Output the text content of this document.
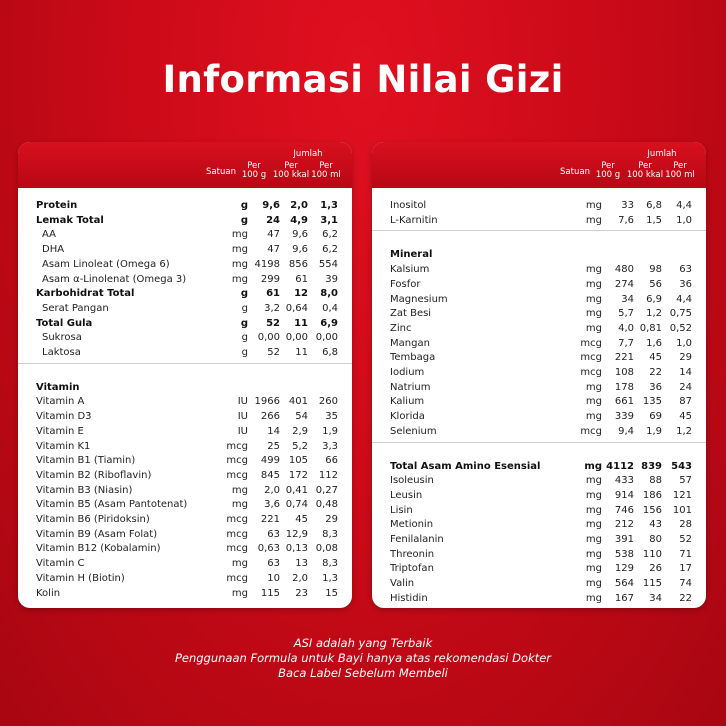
Informasi Nilai Gizi
Satuan
Jumlah
Per
100 g
Per
100 kkal
Per
100 ml
Protein	g 9,6 2,0 1,3
Lemak Total	g 24 4,9 3,1
AA	mg 47 9,6 6,2
DHA	mg 47 9,6 6,2
Asam Linoleat (Omega 6)	mg 4198 856 554
Asam α-Linolenat (Omega 3)	mg 299 61 39
Karbohidrat Total	g 61 12 8,0
Serat Pangan	g 3,2 0,64 0,4
Total Gula	g 52 11 6,9
Sukrosa	g 0,00 0,00 0,00
Laktosa	g 52 11 6,8
Vitamin
Vitamin A	IU 1966 401 260
Vitamin D3	IU 266 54 35
Vitamin E	IU 14 2,9 1,9
Vitamin K1	mcg 25 5,2 3,3
Vitamin B1 (Tiamin)	mcg 499 105 66
Vitamin B2 (Riboflavin)	mcg 845 172 112
Vitamin B3 (Niasin)	mg 2,0 0,41 0,27
Vitamin B5 (Asam Pantotenat)	mg 3,6 0,74 0,48
Vitamin B6 (Piridoksin)	mcg 221 45 29
Vitamin B9 (Asam Folat)	mcg 63 12,9 8,3
Vitamin B12 (Kobalamin)	mcg 0,63 0,13 0,08
Vitamin C	mg 63 13 8,3
Vitamin H (Biotin)	mcg 10 2,0 1,3
Kolin	mg 115 23 15
Satuan
Jumlah
Per
100 g
Per
100 kkal
Per
100 ml
Inositol	mg 33 6,8 4,4
L-Karnitin	mg 7,6 1,5 1,0
Mineral
Kalsium	mg 480 98 63
Fosfor	mg 274 56 36
Magnesium	mg 34 6,9 4,4
Zat Besi	mg 5,7 1,2 0,75
Zinc	mg 4,0 0,81 0,52
Mangan	mcg 7,7 1,6 1,0
Tembaga	mcg 221 45 29
Iodium	mcg 108 22 14
Natrium	mg 178 36 24
Kalium	mg 661 135 87
Klorida	mg 339 69 45
Selenium	mcg 9,4 1,9 1,2
Total Asam Amino Esensial	mg 4112 839 543
Isoleusin	mg 433 88 57
Leusin	mg 914 186 121
Lisin	mg 746 156 101
Metionin	mg 212 43 28
Fenilalanin	mg 391 80 52
Threonin	mg 538 110 71
Triptofan	mg 129 26 17
Valin	mg 564 115 74
Histidin	mg 167 34 22
ASI adalah yang Terbaik
Penggunaan Formula untuk Bayi hanya atas rekomendasi Dokter
Baca Label Sebelum Membeli
